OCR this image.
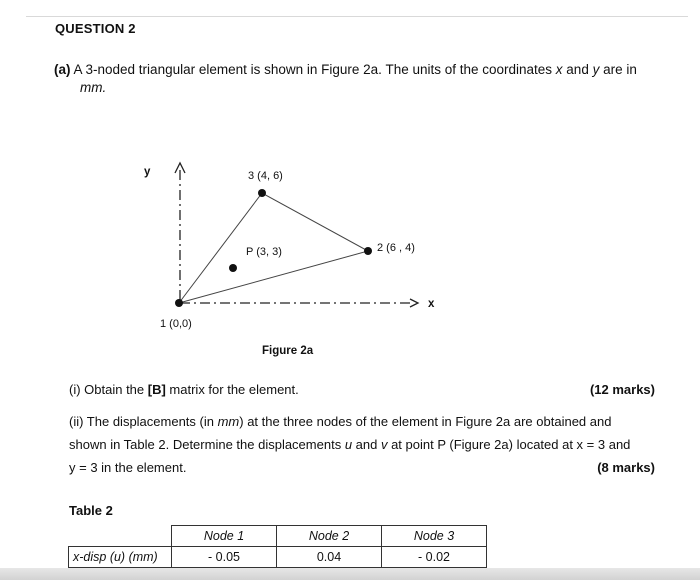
QUESTION 2
(a) A 3-noded triangular element is shown in Figure 2a. The units of the coordinates x and y are in
mm.
y
x
3 (4, 6)
2 (6 , 4)
P (3, 3)
1 (0,0)
Figure 2a
(i) Obtain the [B] matrix for the element.	(12 marks)
(ii) The displacements (in mm) at the three nodes of the element in Figure 2a are obtained and
shown in Table 2. Determine the displacements u and v at point P (Figure 2a) located at x = 3 and
y = 3 in the element.	(8 marks)
Table 2
	Node 1	Node 2	Node 3
x-disp (u) (mm)	- 0.05	0.04	- 0.02
